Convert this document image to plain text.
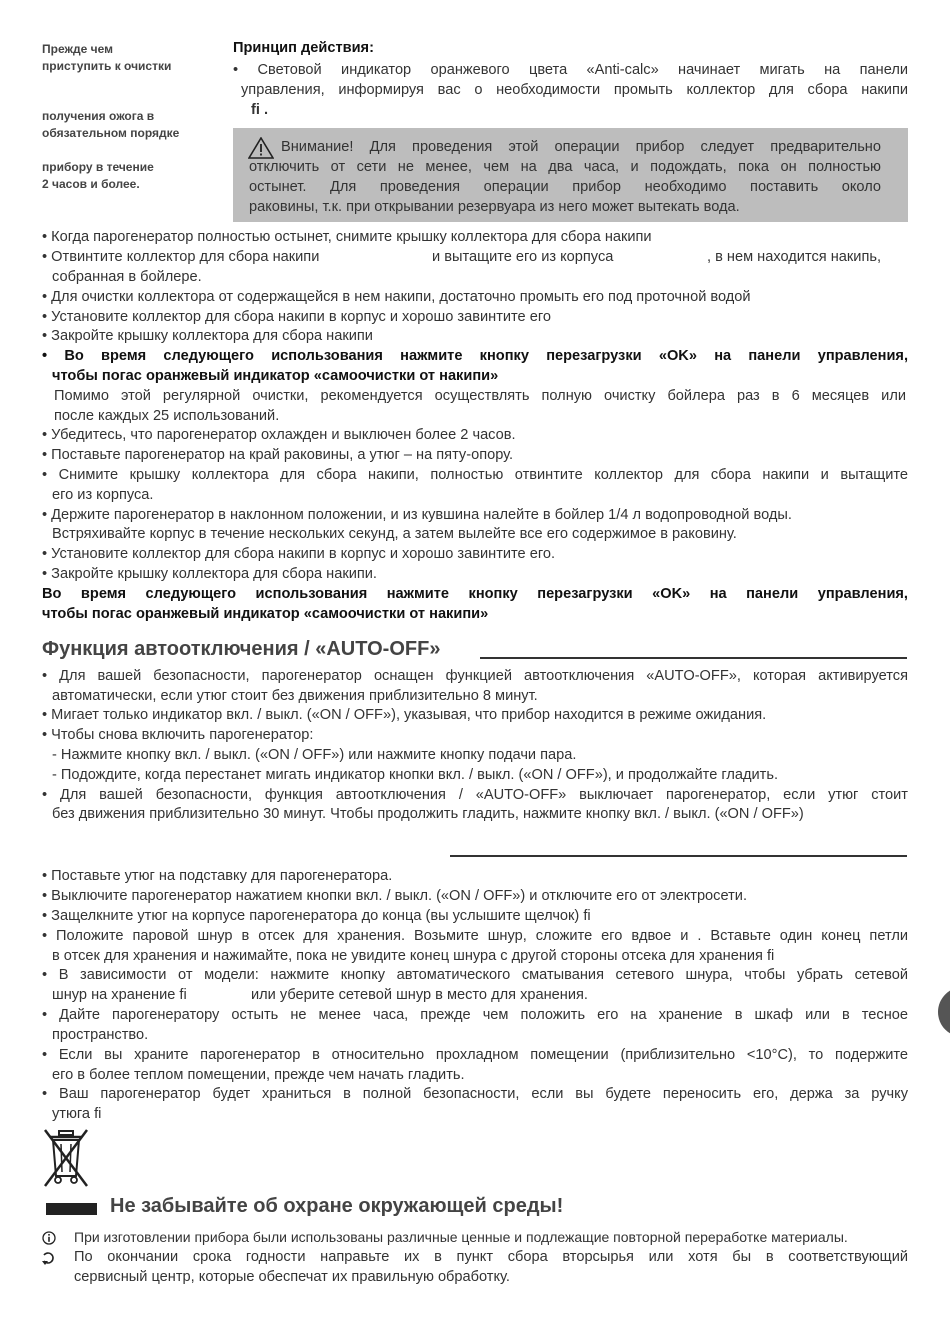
Прежде чем
приступить к очистки
получения ожога в
обязательном порядке
прибору в течение
2 часов и более.
Принцип действия:
• Световой индикатор оранжевого цвета «Anti-calc» начинает мигать на панели
управления, информируя вас о необходимости промыть коллектор для сбора накипи
fi .
Внимание! Для проведения этой операции прибор следует предварительно
отключить от сети не менее, чем на два часа, и подождать, пока он полностью
остынет. Для проведения операции прибор необходимо поставить около
раковины, т.к. при открывании резервуара из него может вытекать вода.
• Когда парогенератор полностью остынет, снимите крышку коллектора для сбора накипи
• Отвинтите коллектор для сбора накипи	и вытащите его из корпуса	, в нем находится накипь,
собранная в бойлере.
• Для очистки коллектора от содержащейся в нем накипи, достаточно промыть его под проточной водой
• Установите коллектор для сбора накипи в корпус и хорошо завинтите его
• Закройте крышку коллектора для сбора накипи
• Во время следующего использования нажмите кнопку перезагрузки «OK» на панели управления,
чтобы погас оранжевый индикатор «самоочистки от накипи»
Помимо этой регулярной очистки, рекомендуется осуществлять полную очистку бойлера раз в 6 месяцев или
после каждых 25 использований.
• Убедитесь, что парогенератор охлажден и выключен более 2 часов.
• Поставьте парогенератор на край раковины, а утюг – на пяту-опору.
• Снимите крышку коллектора для сбора накипи, полностью отвинтите коллектор для сбора накипи и вытащите
его из корпуса.
• Держите парогенератор в наклонном положении, и из кувшина налейте в бойлер 1/4 л водопроводной воды.
Встряхивайте корпус в течение нескольких секунд, а затем вылейте все его содержимое в раковину.
• Установите коллектор для сбора накипи в корпус и хорошо завинтите его.
• Закройте крышку коллектора для сбора накипи.
Во время следующего использования нажмите кнопку перезагрузки «OK» на панели управления,
чтобы погас оранжевый индикатор «самоочистки от накипи»
Функция автоотключения / «AUTO-OFF»
• Для вашей безопасности, парогенератор оснащен функцией автоотключения «AUTO-OFF», которая активируется
автоматически, если утюг стоит без движения приблизительно 8 минут.
• Мигает только индикатор вкл. / выкл. («ON / OFF»), указывая, что прибор находится в режиме ожидания.
• Чтобы снова включить парогенератор:
- Нажмите кнопку вкл. / выкл. («ON / OFF») или нажмите кнопку подачи пара.
- Подождите, когда перестанет мигать индикатор кнопки вкл. / выкл. («ON / OFF»), и продолжайте гладить.
• Для вашей безопасности, функция автоотключения / «AUTO-OFF» выключает парогенератор, если утюг стоит
без движения приблизительно 30 минут. Чтобы продолжить гладить, нажмите кнопку вкл. / выкл. («ON / OFF»)
• Поставьте утюг на подставку для парогенератора.
• Выключите парогенератор нажатием кнопки вкл. / выкл. («ON / OFF») и отключите его от электросети.
• Защелкните утюг на корпусе парогенератора до конца (вы услышите щелчок) fi
• Положите паровой шнур в отсек для хранения. Возьмите шнур, сложите его вдвое и . Вставьте один конец петли
в отсек для хранения и нажимайте, пока не увидите конец шнура с другой стороны отсека для хранения fi
• В зависимости от модели: нажмите кнопку автоматического сматывания сетевого шнура, чтобы убрать сетевой
шнур на хранение fi	или уберите сетевой шнур в место для хранения.
• Дайте парогенератору остыть не менее часа, прежде чем положить его на хранение в шкаф или в тесное
пространство.
• Если вы храните парогенератор в относительно прохладном помещении (приблизительно <10°C), то подержите
его в более теплом помещении, прежде чем начать гладить.
• Ваш парогенератор будет храниться в полной безопасности, если вы будете переносить его, держа за ручку
утюга fi
Не забывайте об охране окружающей среды!
При изготовлении прибора были использованы различные ценные и подлежащие повторной переработке материалы.
По окончании срока годности направьте их в пункт сбора вторсырья или хотя бы в соответствующий
сервисный центр, которые обеспечат их правильную обработку.
